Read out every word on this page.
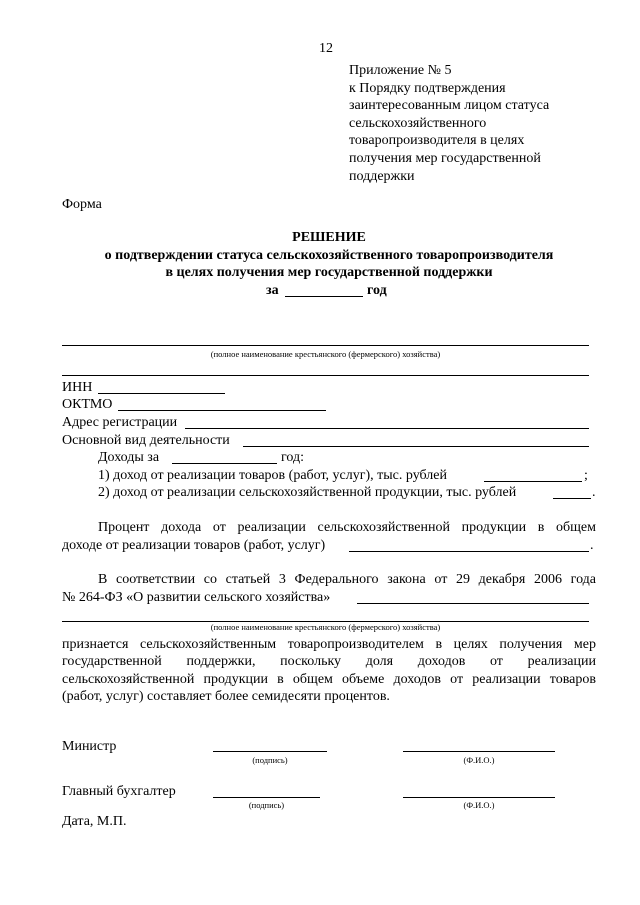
12
Приложение № 5
к Порядку подтверждения
заинтересованным лицом статуса
сельскохозяйственного
товаропроизводителя в целях
получения мер государственной
поддержки
Форма
РЕШЕНИЕ
о подтверждении статуса сельскохозяйственного товаропроизводителя
в целях получения мер государственной поддержки
за	год
(полное наименование крестьянского (фермерского) хозяйства)
ИНН
ОКТМО
Адрес регистрации
Основной вид деятельности
Доходы за	год:
1) доход от реализации товаров (работ, услуг), тыс. рублей	;
2) доход от реализации сельскохозяйственной продукции, тыс. рублей	.
Процент дохода от реализации сельскохозяйственной продукции в общем
доходе от реализации товаров (работ, услуг)	.
В соответствии со статьей 3 Федерального закона от 29 декабря 2006 года
№ 264-ФЗ «О развитии сельского хозяйства»
(полное наименование крестьянского (фермерского) хозяйства)
признается сельскохозяйственным товаропроизводителем в целях получения мер
государственной поддержки, поскольку доля доходов от реализации
сельскохозяйственной продукции в общем объеме доходов от реализации товаров
(работ, услуг) составляет более семидесяти процентов.
Министр
(подпись)	(Ф.И.О.)
Главный бухгалтер
(подпись)	(Ф.И.О.)
Дата, М.П.
